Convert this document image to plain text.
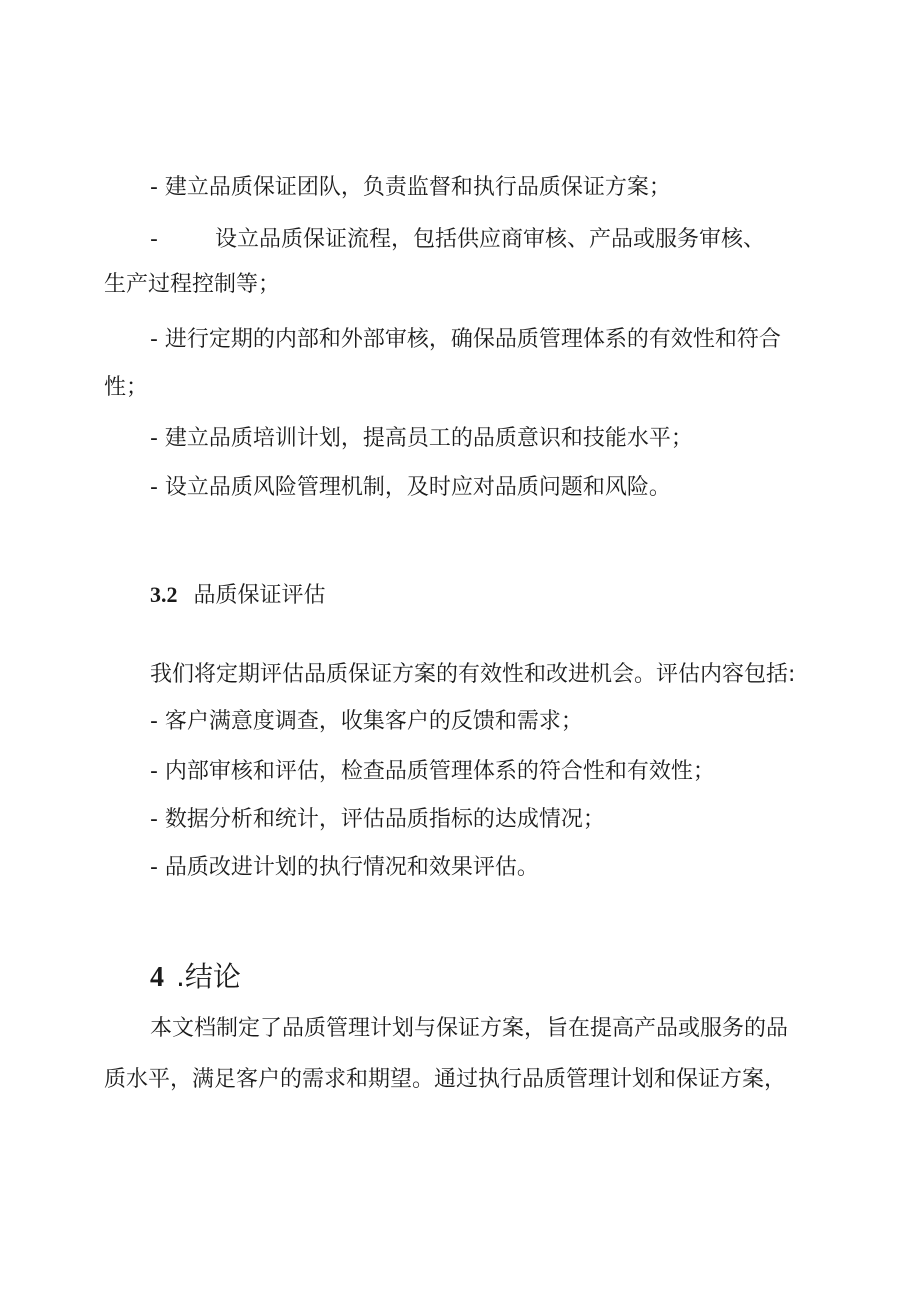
- 建立品质保证团队，负责监督和执行品质保证方案；
-	设立品质保证流程，包括供应商审核、产品或服务审核、
生产过程控制等；
- 进行定期的内部和外部审核，确保品质管理体系的有效性和符合
性；
- 建立品质培训计划，提高员工的品质意识和技能水平；
- 设立品质风险管理机制，及时应对品质问题和风险。
3.2 品质保证评估
我们将定期评估品质保证方案的有效性和改进机会。评估内容包括:
- 客户满意度调查，收集客户的反馈和需求；
- 内部审核和评估，检查品质管理体系的符合性和有效性；
- 数据分析和统计，评估品质指标的达成情况；
- 品质改进计划的执行情况和效果评估。
4 .结论
本文档制定了品质管理计划与保证方案，旨在提高产品或服务的品
质水平，满足客户的需求和期望。通过执行品质管理计划和保证方案，
